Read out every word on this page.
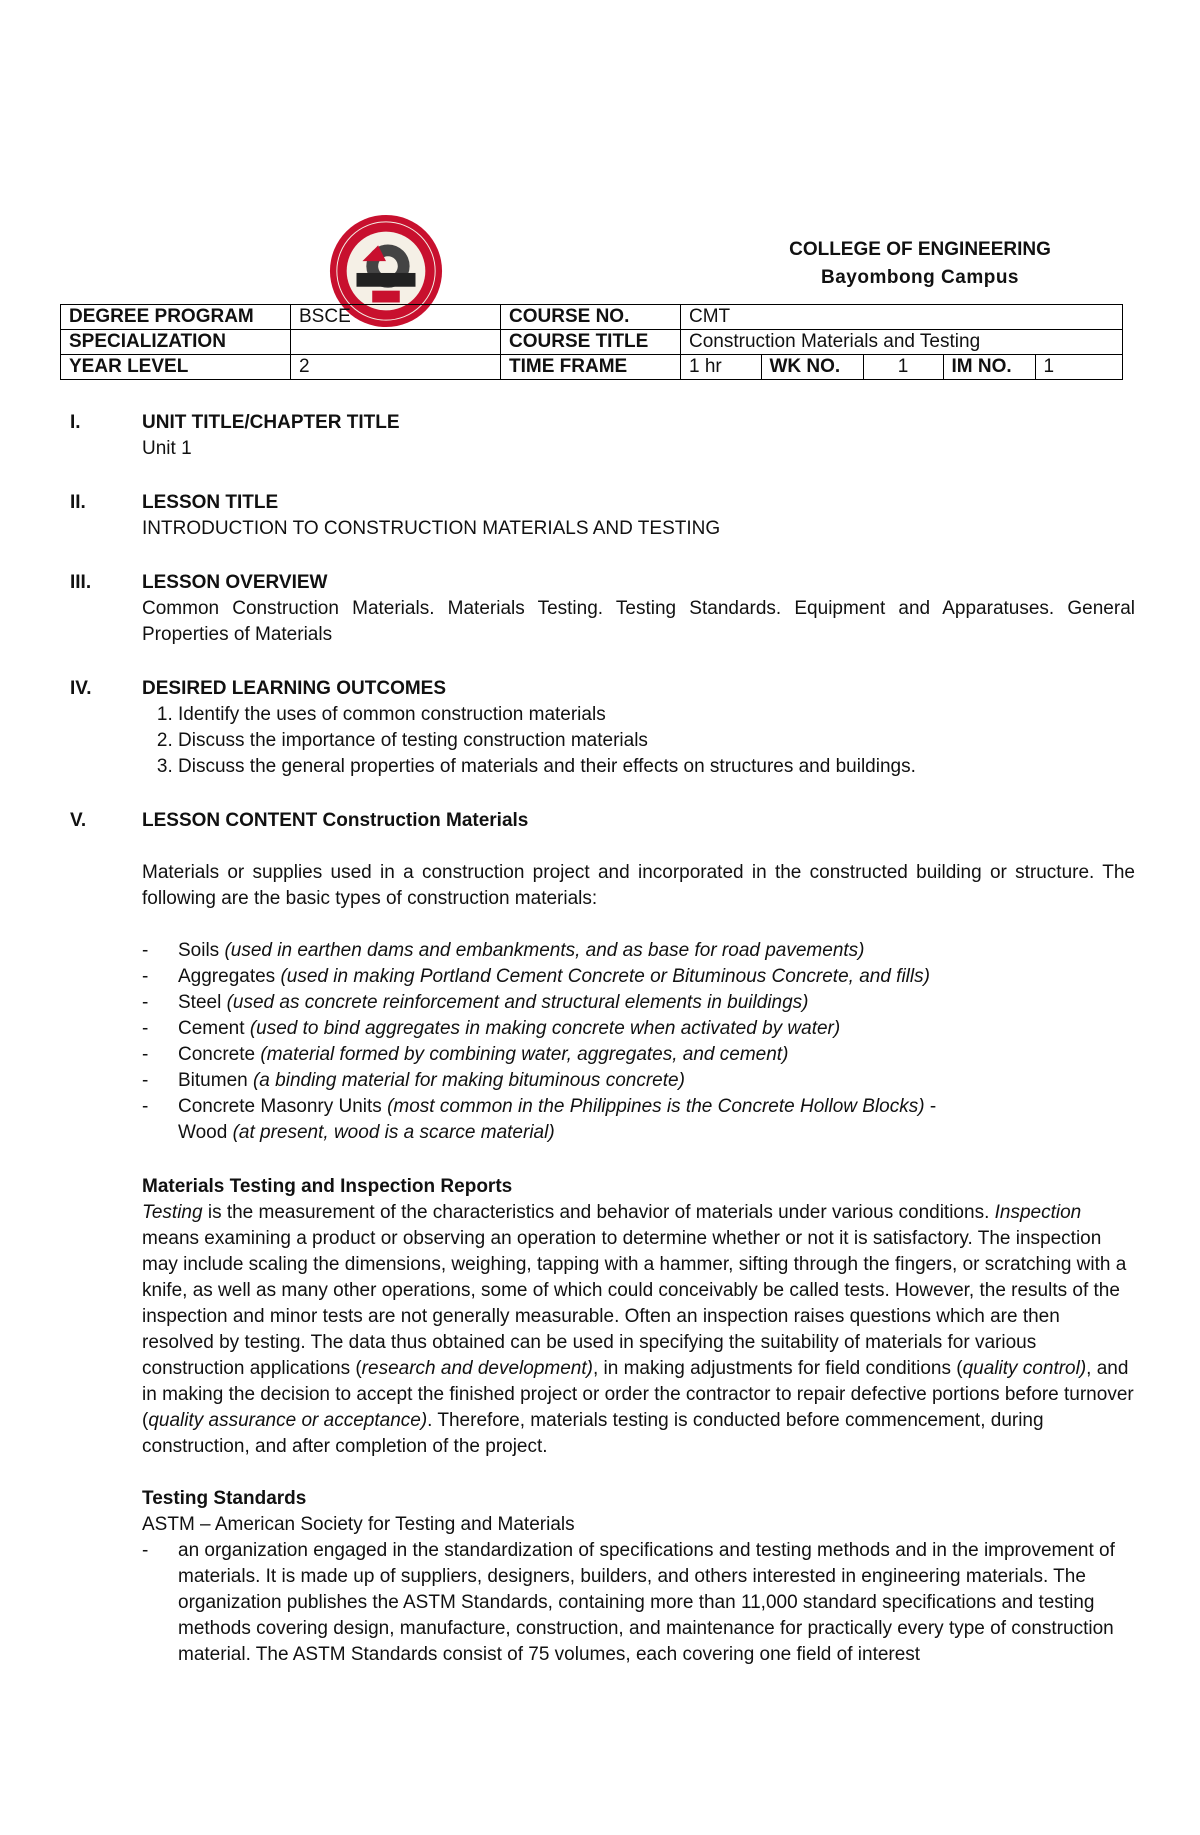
COLLEGE OF ENGINEERING
Bayombong Campus
DEGREE PROGRAM	BSCE	COURSE NO.	CMT
SPECIALIZATION		COURSE TITLE	Construction Materials and Testing
YEAR LEVEL	2	TIME FRAME		1 hr	WK NO.	1	IM NO.	1
I.	UNIT TITLE/CHAPTER TITLE
Unit 1
II.	LESSON TITLE
INTRODUCTION TO CONSTRUCTION MATERIALS AND TESTING
III.	LESSON OVERVIEW
Common Construction Materials. Materials Testing. Testing Standards. Equipment and Apparatuses. General Properties of Materials
IV.	DESIRED LEARNING OUTCOMES
1. Identify the uses of common construction materials
2. Discuss the importance of testing construction materials
3. Discuss the general properties of materials and their effects on structures and buildings.
V.	LESSON CONTENT Construction Materials
Materials or supplies used in a construction project and incorporated in the constructed building or structure. The following are the basic types of construction materials:
- Soils (used in earthen dams and embankments, and as base for road pavements)
- Aggregates (used in making Portland Cement Concrete or Bituminous Concrete, and fills)
- Steel (used as concrete reinforcement and structural elements in buildings)
- Cement (used to bind aggregates in making concrete when activated by water)
- Concrete (material formed by combining water, aggregates, and cement)
- Bitumen (a binding material for making bituminous concrete)
- Concrete Masonry Units (most common in the Philippines is the Concrete Hollow Blocks) -
Wood (at present, wood is a scarce material)
Materials Testing and Inspection Reports
Testing is the measurement of the characteristics and behavior of materials under various conditions. Inspection means examining a product or observing an operation to determine whether or not it is satisfactory. The inspection may include scaling the dimensions, weighing, tapping with a hammer, sifting through the fingers, or scratching with a knife, as well as many other operations, some of which could conceivably be called tests. However, the results of the inspection and minor tests are not generally measurable. Often an inspection raises questions which are then resolved by testing. The data thus obtained can be used in specifying the suitability of materials for various construction applications (research and development), in making adjustments for field conditions (quality control), and in making the decision to accept the finished project or order the contractor to repair defective portions before turnover (quality assurance or acceptance). Therefore, materials testing is conducted before commencement, during construction, and after completion of the project.
Testing Standards
ASTM – American Society for Testing and Materials
- an organization engaged in the standardization of specifications and testing methods and in the improvement of materials. It is made up of suppliers, designers, builders, and others interested in engineering materials. The organization publishes the ASTM Standards, containing more than 11,000 standard specifications and testing methods covering design, manufacture, construction, and maintenance for practically every type of construction material. The ASTM Standards consist of 75 volumes, each covering one field of interest
